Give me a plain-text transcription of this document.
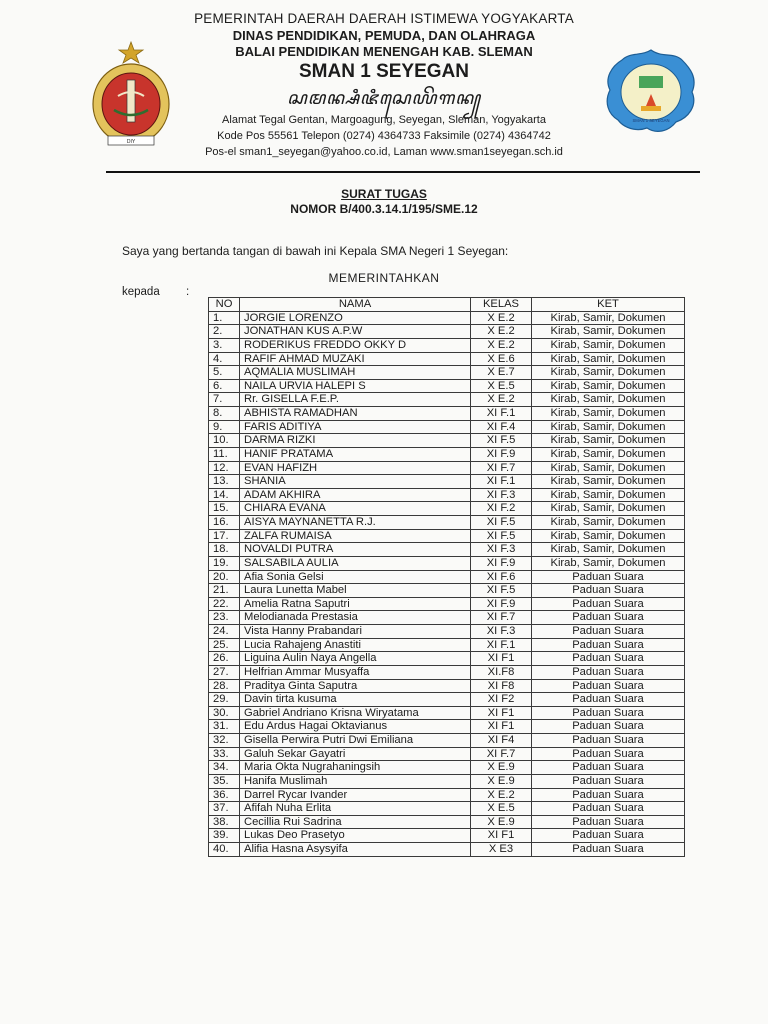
DIY
SMAN 1 SEYEGAN
PEMERINTAH DAERAH DAERAH ISTIMEWA YOGYAKARTA
DINAS PENDIDIKAN, PEMUDA, DAN OLAHRAGA
BALAI PENDIDIKAN MENENGAH KAB. SLEMAN
SMAN 1 SEYEGAN
ꦱꦩꦤ꧀ꦱꦶꦗꦶꦱꦺꦪꦼꦒꦤ꧀
Alamat Tegal Gentan, Margoagung, Seyegan, Sleman, Yogyakarta
Kode Pos 55561 Telepon (0274) 4364733 Faksimile (0274) 4364742
Pos-el sman1_seyegan@yahoo.co.id, Laman www.sman1seyegan.sch.id
SURAT TUGAS
NOMOR B/400.3.14.1/195/SME.12
Saya yang bertanda tangan di bawah ini Kepala SMA Negeri 1 Seyegan:
MEMERINTAHKAN
kepada :
NO	NAMA	KELAS	KET
1.	JORGIE LORENZO	X E.2	Kirab, Samir, Dokumen
2.	JONATHAN KUS A.P.W	X E.2	Kirab, Samir, Dokumen
3.	RODERIKUS FREDDO OKKY D	X E.2	Kirab, Samir, Dokumen
4.	RAFIF AHMAD MUZAKI	X E.6	Kirab, Samir, Dokumen
5.	AQMALIA MUSLIMAH	X E.7	Kirab, Samir, Dokumen
6.	NAILA URVIA HALEPI S	X E.5	Kirab, Samir, Dokumen
7.	Rr. GISELLA F.E.P.	X E.2	Kirab, Samir, Dokumen
8.	ABHISTA RAMADHAN	XI F.1	Kirab, Samir, Dokumen
9.	FARIS ADITIYA	XI F.4	Kirab, Samir, Dokumen
10.	DARMA RIZKI	XI F.5	Kirab, Samir, Dokumen
11.	HANIF PRATAMA	XI F.9	Kirab, Samir, Dokumen
12.	EVAN HAFIZH	XI F.7	Kirab, Samir, Dokumen
13.	SHANIA	XI F.1	Kirab, Samir, Dokumen
14.	ADAM AKHIRA	XI F.3	Kirab, Samir, Dokumen
15.	CHIARA EVANA	XI F.2	Kirab, Samir, Dokumen
16.	AISYA MAYNANETTA R.J.	XI F.5	Kirab, Samir, Dokumen
17.	ZALFA RUMAISA	XI F.5	Kirab, Samir, Dokumen
18.	NOVALDI PUTRA	XI F.3	Kirab, Samir, Dokumen
19.	SALSABILA AULIA	XI F.9	Kirab, Samir, Dokumen
20.	Afia Sonia Gelsi	XI F.6	Paduan Suara
21.	Laura Lunetta Mabel	XI F.5	Paduan Suara
22.	Amelia Ratna Saputri	XI F.9	Paduan Suara
23.	Melodianada Prestasia	XI F.7	Paduan Suara
24.	Vista Hanny Prabandari	XI F.3	Paduan Suara
25.	Lucia Rahajeng Anastiti	XI F.1	Paduan Suara
26.	Liguina Aulin Naya Angella	XI F1	Paduan Suara
27.	Helfrian Ammar Musyaffa	XI.F8	Paduan Suara
28.	Praditya Ginta Saputra	XI F8	Paduan Suara
29.	Davin tirta kusuma	XI F2	Paduan Suara
30.	Gabriel Andriano Krisna Wiryatama	XI F1	Paduan Suara
31.	Edu Ardus Hagai Oktavianus	XI F1	Paduan Suara
32.	Gisella Perwira Putri Dwi Emiliana	XI F4	Paduan Suara
33.	Galuh Sekar Gayatri	XI F.7	Paduan Suara
34.	Maria Okta Nugrahaningsih	X E.9	Paduan Suara
35.	Hanifa Muslimah	X E.9	Paduan Suara
36.	Darrel Rycar Ivander	X E.2	Paduan Suara
37.	Afifah Nuha Erlita	X E.5	Paduan Suara
38.	Cecillia Rui Sadrina	X E.9	Paduan Suara
39.	Lukas Deo Prasetyo	XI F1	Paduan Suara
40.	Alifia Hasna Asysyifa	X E3	Paduan Suara
